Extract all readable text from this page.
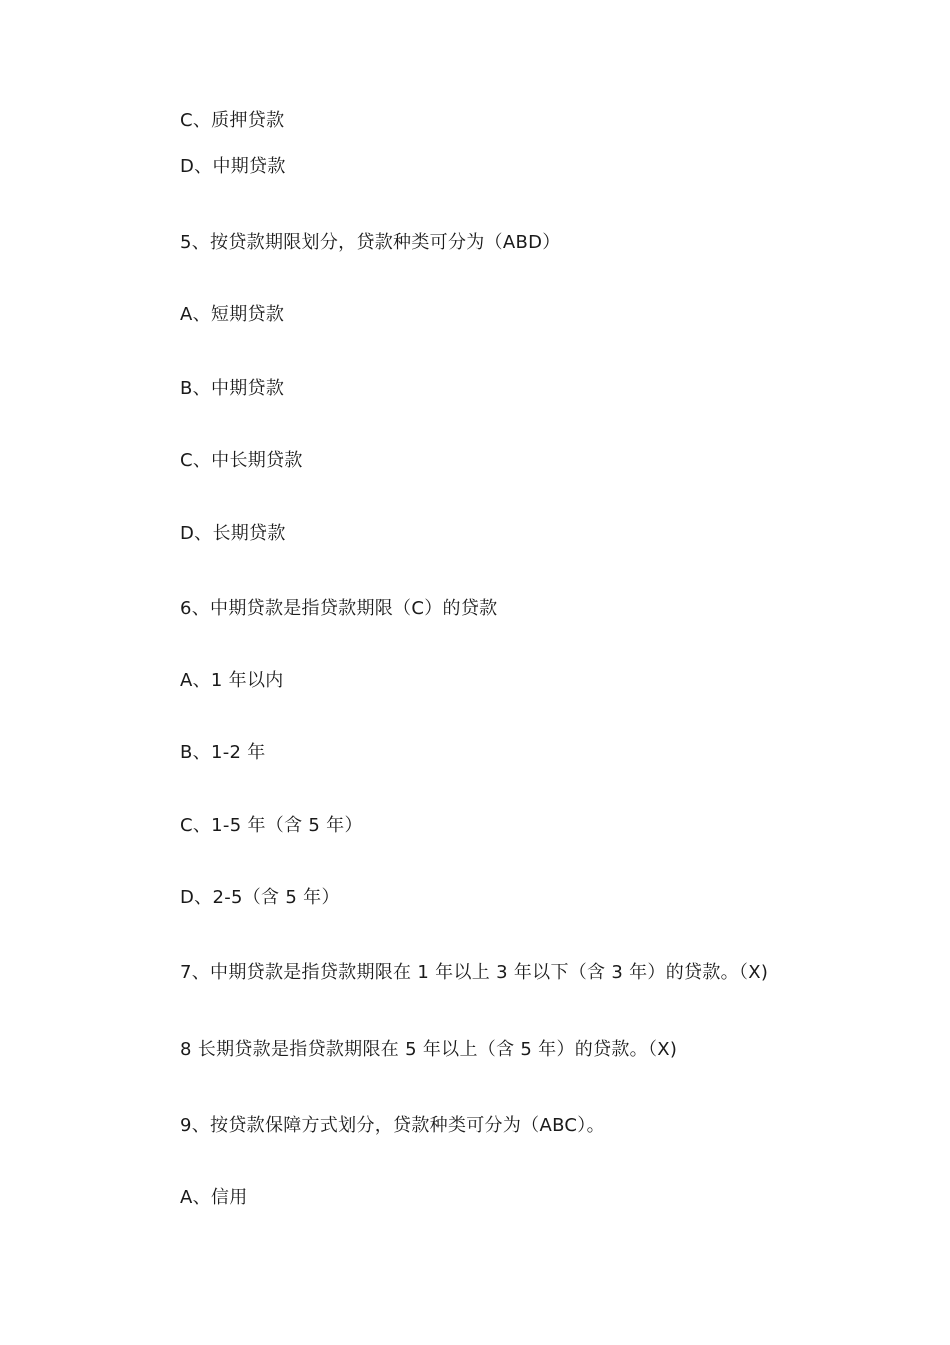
C、质押贷款
D、中期贷款
5、按贷款期限划分，贷款种类可分为（ABD）
A、短期贷款
B、中期贷款
C、中长期贷款
D、长期贷款
6、中期贷款是指贷款期限（C）的贷款
A、1 年以内
B、1-2 年
C、1-5 年（含 5 年）
D、2-5（含 5 年）
7、中期贷款是指贷款期限在 1 年以上 3 年以下（含 3 年）的贷款。（X)
8 长期贷款是指贷款期限在 5 年以上（含 5 年）的贷款。（X)
9、按贷款保障方式划分，贷款种类可分为（ABC）。
A、信用
